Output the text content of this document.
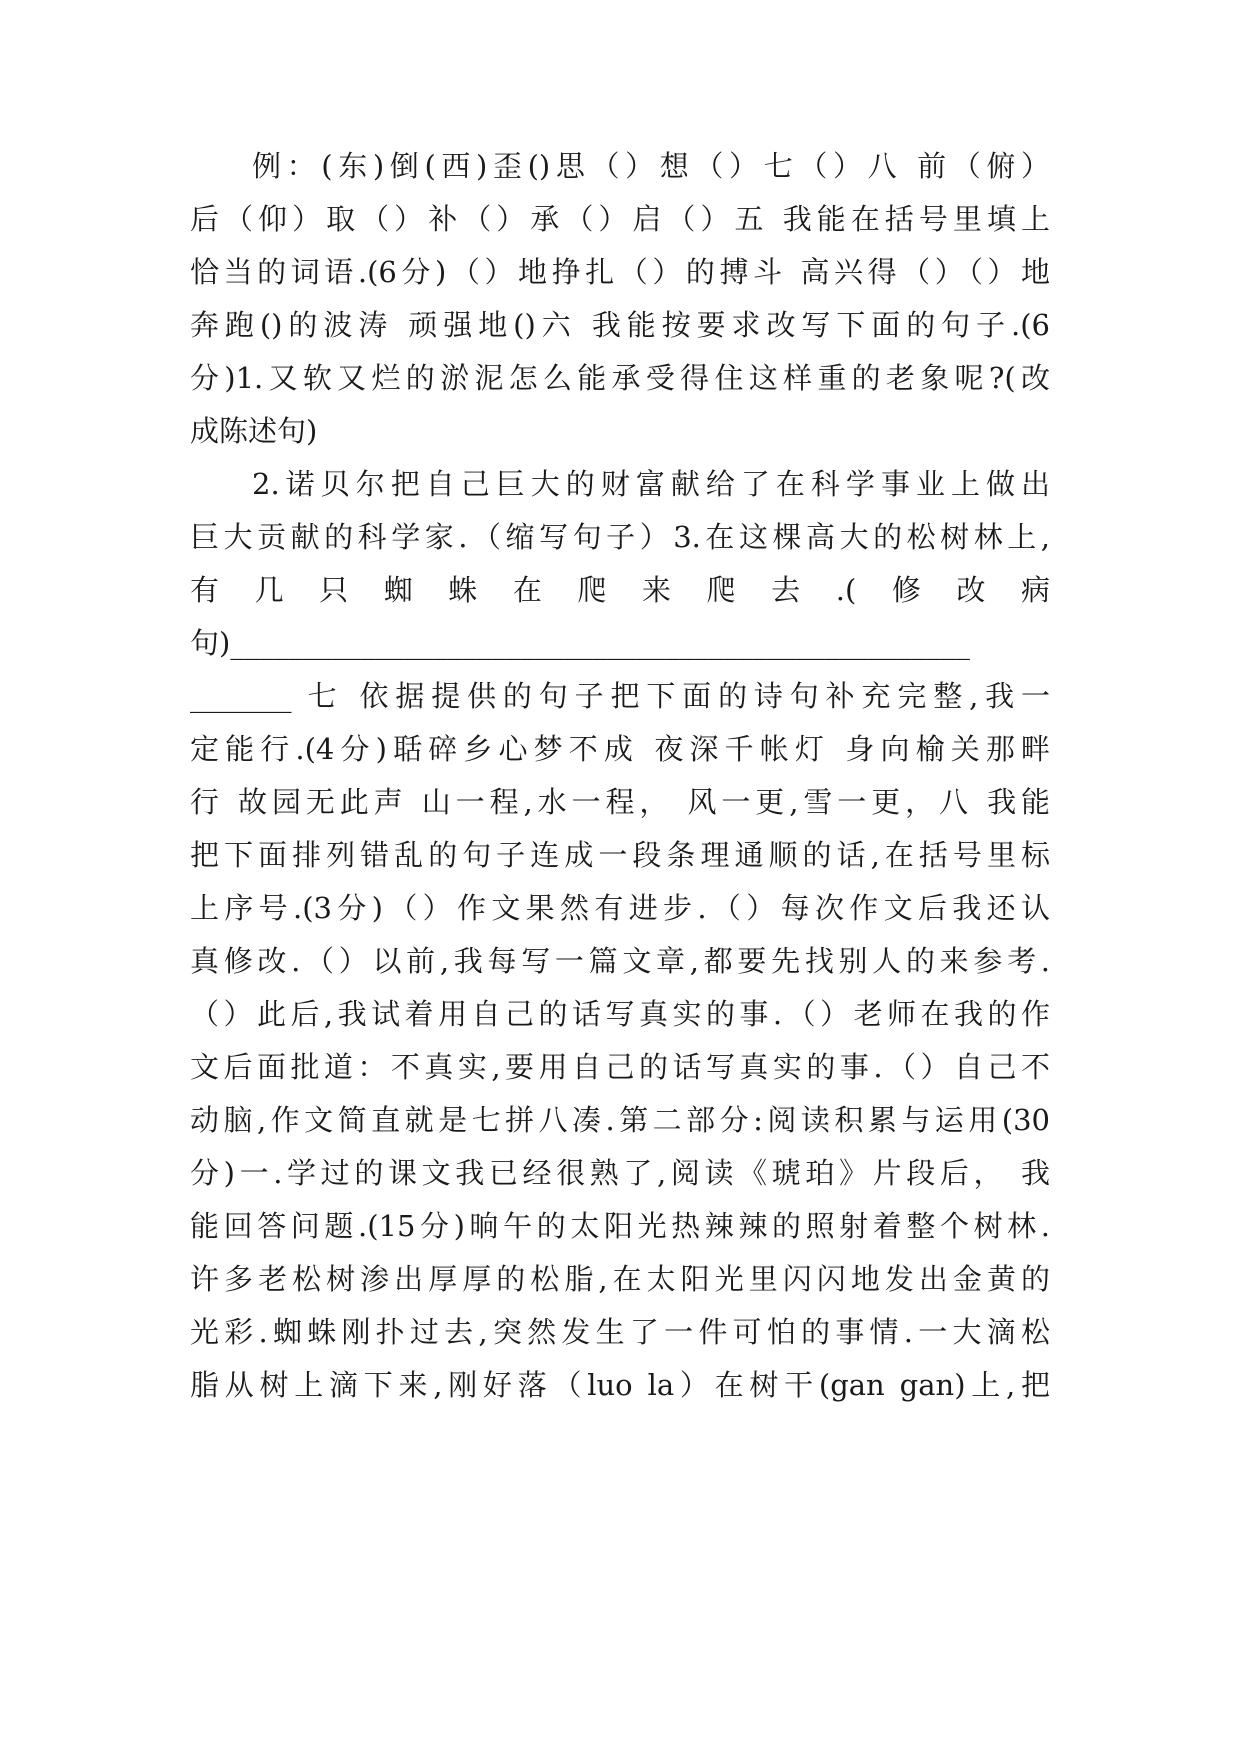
例：(东)倒(西)歪()思（）想（）七（）八 前（俯）
后（仰）取（）补（）承（）启（）五 我能在括号里填上
恰当的词语.(6分)（）地挣扎（）的搏斗 高兴得（）（）地
奔跑()的波涛 顽强地()六 我能按要求改写下面的句子.(6
分)1.又软又烂的淤泥怎么能承受得住这样重的老象呢?(改
成陈述句)
2.诺贝尔把自己巨大的财富献给了在科学事业上做出
巨大贡献的科学家.（缩写句子）3.在这棵高大的松树林上,
有几只蜘蛛在爬来爬去.(修改病
句)___________________________________________________
_______ 七 依据提供的句子把下面的诗句补充完整,我一
定能行.(4分)聒碎乡心梦不成 夜深千帐灯 身向榆关那畔
行 故园无此声 山一程,水一程， 风一更,雪一更，八 我能
把下面排列错乱的句子连成一段条理通顺的话,在括号里标
上序号.(3分)（）作文果然有进步.（）每次作文后我还认
真修改.（）以前,我每写一篇文章,都要先找别人的来参考.
（）此后,我试着用自己的话写真实的事.（）老师在我的作
文后面批道：不真实,要用自己的话写真实的事.（）自己不
动脑,作文简直就是七拼八凑.第二部分:阅读积累与运用(30
分)一.学过的课文我已经很熟了,阅读《琥珀》片段后， 我
能回答问题.(15分)晌午的太阳光热辣辣的照射着整个树林.
许多老松树渗出厚厚的松脂,在太阳光里闪闪地发出金黄的
光彩.蜘蛛刚扑过去,突然发生了一件可怕的事情.一大滴松
脂从树上滴下来,刚好落（luo la）在树干(gan gan)上,把
